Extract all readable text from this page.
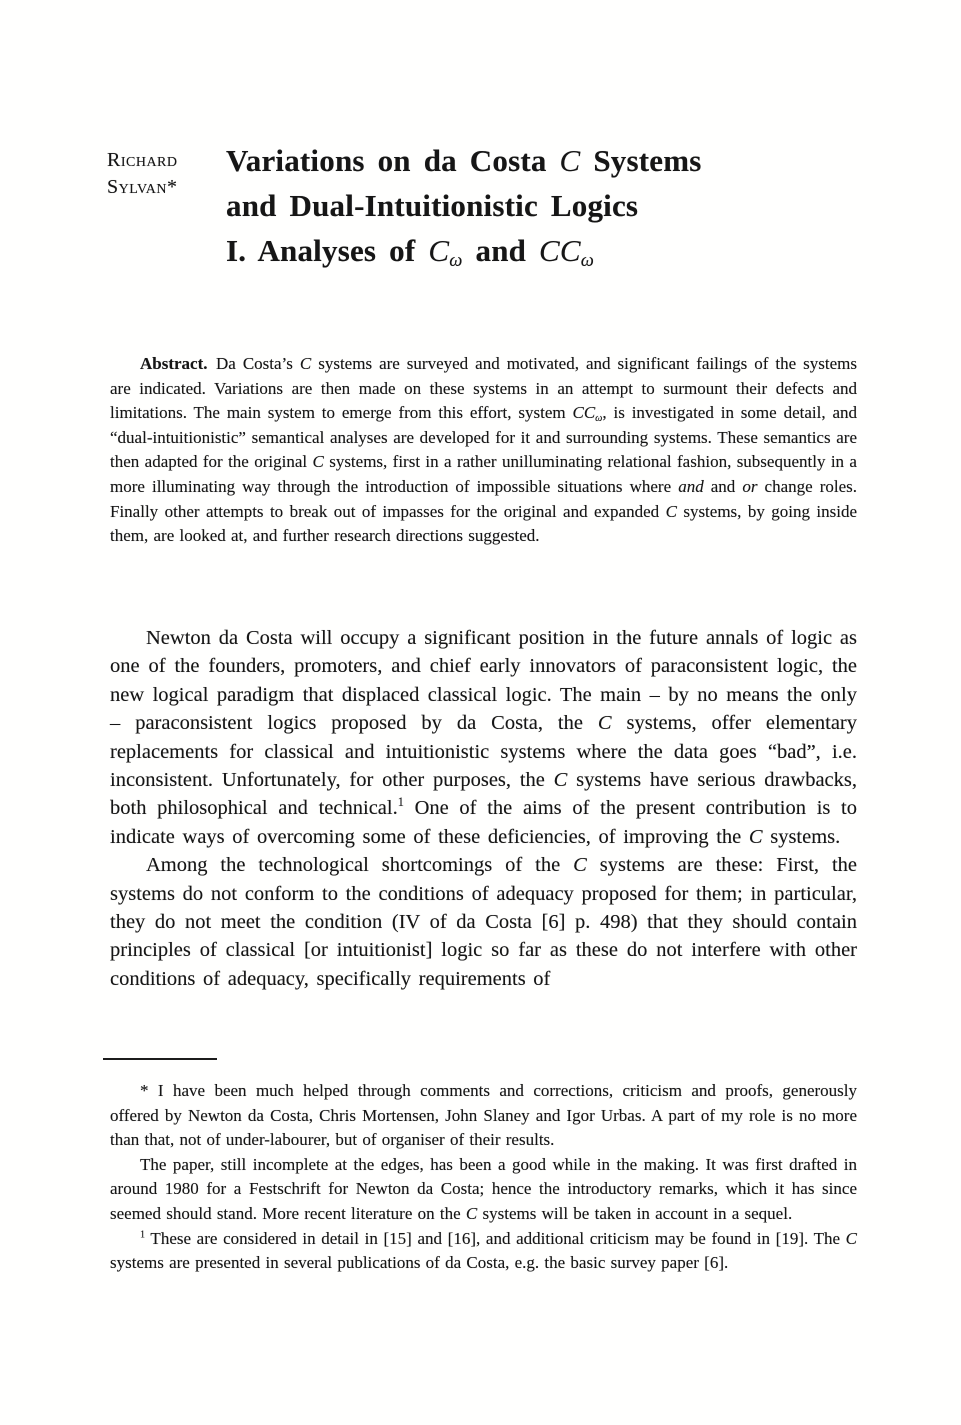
Richard
Sylvan*
Variations on da Costa C Systems
and Dual-Intuitionistic Logics
I. Analyses of $C_\omega$ and $CC_\omega$

Abstract. Da Costa’s C systems are surveyed and motivated, and significant failings of the systems are indicated. Variations are then made on these systems in an attempt to surmount their defects and limitations. The main system to emerge from this effort, system $CC_\omega$, is investigated in some detail, and “dual-intuitionistic” semantical analyses are developed for it and surrounding systems. These semantics are then adapted for the original C systems, first in a rather unilluminating relational fashion, subsequently in a more illuminating way through the introduction of impossible situations where and and or change roles. Finally other attempts to break out of impasses for the original and expanded C systems, by going inside them, are looked at, and further research directions suggested.

Newton da Costa will occupy a significant position in the future annals of logic as one of the founders, promoters, and chief early innovators of paraconsistent logic, the new logical paradigm that displaced classical logic. The main – by no means the only – paraconsistent logics proposed by da Costa, the C systems, offer elementary replacements for classical and intuitionistic systems where the data goes “bad”, i.e. inconsistent. Unfortunately, for other purposes, the C systems have serious drawbacks, both philosophical and technical.$^1$ One of the aims of the present contribution is to indicate ways of overcoming some of these deficiencies, of improving the C systems.

Among the technological shortcomings of the C systems are these: First, the systems do not conform to the conditions of adequacy proposed for them; in particular, they do not meet the condition (IV of da Costa [6] p. 498) that they should contain principles of classical [or intuitionist] logic so far as these do not interfere with other conditions of adequacy, specifically requirements of

* I have been much helped through comments and corrections, criticism and proofs, generously offered by Newton da Costa, Chris Mortensen, John Slaney and Igor Urbas. A part of my role is no more than that, not of under-labourer, but of organiser of their results.

The paper, still incomplete at the edges, has been a good while in the making. It was first drafted in around 1980 for a Festschrift for Newton da Costa; hence the introductory remarks, which it has since seemed should stand. More recent literature on the C systems will be taken in account in a sequel.

$^1$ These are considered in detail in [15] and [16], and additional criticism may be found in [19]. The C systems are presented in several publications of da Costa, e.g. the basic survey paper [6].
